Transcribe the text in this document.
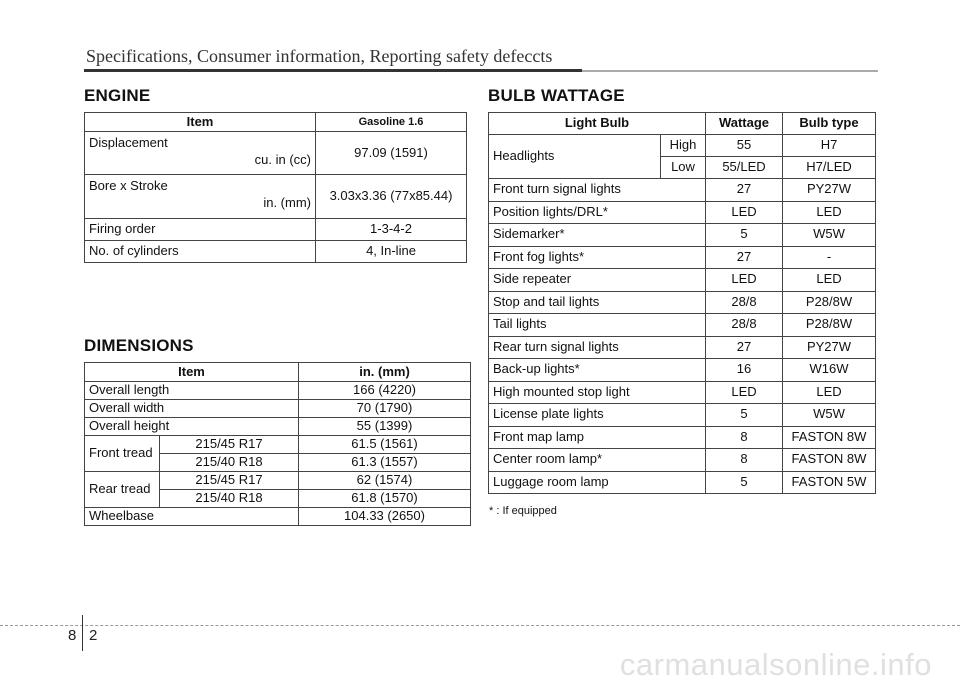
Specifications, Consumer information, Reporting safety defeccts
ENGINE
Item	Gasoline 1.6

Displacement
cu. in (cc)	97.09 (1591)

Bore x Stroke
in. (mm)	3.03x3.36 (77x85.44)
Firing order	1-3-4-2
No. of cylinders	4, In-line
DIMENSIONS
Item		in. (mm)
Overall length		166 (4220)
Overall width		70 (1790)
Overall height		55 (1399)
Front tread	215/45 R17	61.5 (1561)
	215/40 R18	61.3 (1557)
Rear tread	215/45 R17	62 (1574)
	215/40 R18	61.8 (1570)
Wheelbase		104.33 (2650)
BULB WATTAGE
Light Bulb		Wattage	Bulb type
Headlights	High	55	H7
	Low	55/LED	H7/LED
Front turn signal lights		27	PY27W
Position lights/DRL*		LED	LED
Sidemarker*		5	W5W
Front fog lights*		27	-
Side repeater		LED	LED
Stop and tail lights		28/8	P28/8W
Tail lights		28/8	P28/8W
Rear turn signal lights		27	PY27W
Back-up lights*		16	W16W
High mounted stop light		LED	LED
License plate lights		5	W5W
Front map lamp		8	FASTON 8W
Center room lamp*		8	FASTON 8W
Luggage room lamp		5	FASTON 5W
* : If equipped
8 2
carmanualsonline.info
